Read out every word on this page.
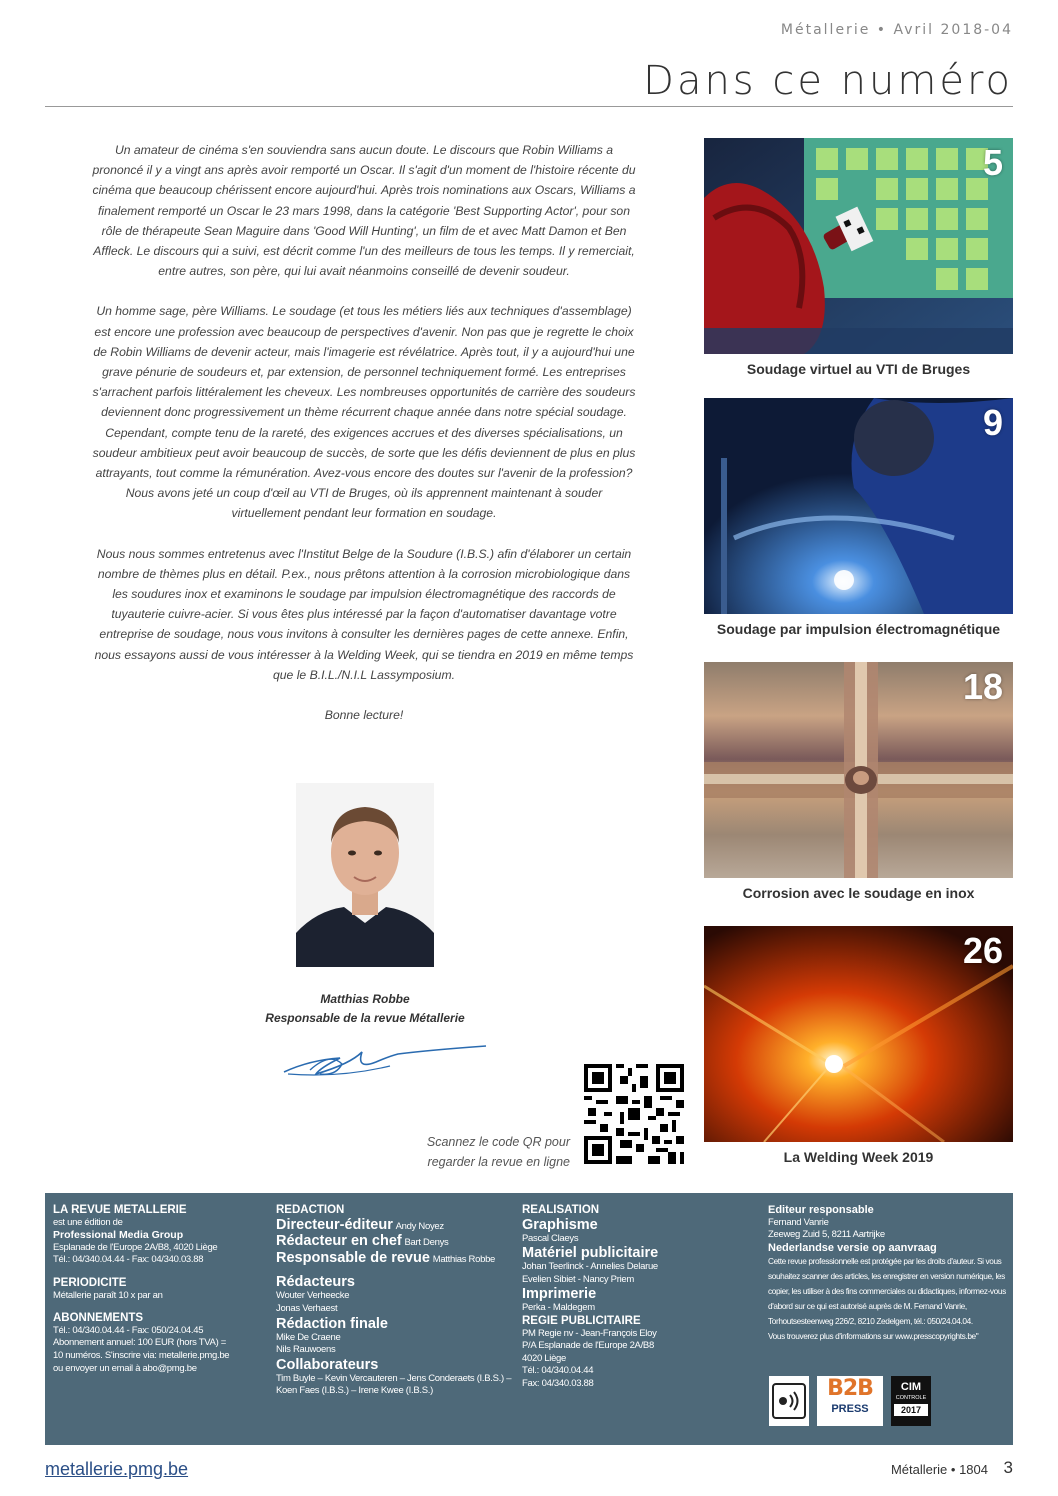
Métallerie • Avril 2018-04
Dans ce numéro

Un amateur de cinéma s'en souviendra sans aucun doute. Le discours que Robin Williams a prononcé il y a vingt ans après avoir remporté un Oscar. Il s'agit d'un moment de l'histoire récente du cinéma que beaucoup chérissent encore aujourd'hui. Après trois nominations aux Oscars, Williams a finalement remporté un Oscar le 23 mars 1998, dans la catégorie 'Best Supporting Actor', pour son rôle de thérapeute Sean Maguire dans 'Good Will Hunting', un film de et avec Matt Damon et Ben Affleck. Le discours qui a suivi, est décrit comme l'un des meilleurs de tous les temps. Il y remerciait, entre autres, son père, qui lui avait néanmoins conseillé de devenir soudeur.

Un homme sage, père Williams. Le soudage (et tous les métiers liés aux techniques d'assemblage) est encore une profession avec beaucoup de perspectives d'avenir. Non pas que je regrette le choix de Robin Williams de devenir acteur, mais l'imagerie est révélatrice. Après tout, il y a aujourd'hui une grave pénurie de soudeurs et, par extension, de personnel techniquement formé. Les entreprises s'arrachent parfois littéralement les cheveux. Les nombreuses opportunités de carrière des soudeurs deviennent donc progressivement un thème récurrent chaque année dans notre spécial soudage. Cependant, compte tenu de la rareté, des exigences accrues et des diverses spécialisations, un soudeur ambitieux peut avoir beaucoup de succès, de sorte que les défis deviennent de plus en plus attrayants, tout comme la rémunération. Avez-vous encore des doutes sur l'avenir de la profession? Nous avons jeté un coup d'œil au VTI de Bruges, où ils apprennent maintenant à souder virtuellement pendant leur formation en soudage.

Nous nous sommes entretenus avec l'Institut Belge de la Soudure (I.B.S.) afin d'élaborer un certain nombre de thèmes plus en détail. P.ex., nous prêtons attention à la corrosion microbiologique dans les soudures inox et examinons le soudage par impulsion électromagnétique des raccords de tuyauterie cuivre-acier. Si vous êtes plus intéressé par la façon d'automatiser davantage votre entreprise de soudage, nous vous invitons à consulter les dernières pages de cette annexe. Enfin, nous essayons aussi de vous intéresser à la Welding Week, qui se tiendra en 2019 en même temps que le B.I.L./N.I.L Lassymposium.

Bonne lecture!

Matthias Robbe
Responsable de la revue Métallerie
Scannez le code QR pour
regarder la revue en ligne
5
Soudage virtuel au VTI de Bruges
9
Soudage par impulsion électromagnétique
18
Corrosion avec le soudage en inox
26
La Welding Week 2019
LA REVUE METALLERIE
est une édition de
Professional Media Group
Esplanade de l'Europe 2A/B8, 4020 Liège
Tél.: 04/340.04.44 - Fax: 04/340.03.88
PERIODICITE
Métallerie paraît 10 x par an
ABONNEMENTS
Tél.: 04/340.04.44 - Fax: 050/24.04.45
Abonnement annuel: 100 EUR (hors TVA) =
10 numéros. S'inscrire via: metallerie.pmg.be
ou envoyer un email à abo@pmg.be
REDACTION
Directeur-éditeur Andy Noyez
Rédacteur en chef Bart Denys
Responsable de revue Matthias Robbe
Rédacteurs
Wouter Verheecke
Jonas Verhaest
Rédaction finale
Mike De Craene
Nils Rauwoens
Collaborateurs
Tim Buyle – Kevin Vercauteren – Jens Conderaets (I.B.S.) –
Koen Faes (I.B.S.) – Irene Kwee (I.B.S.)
REALISATION
Graphisme
Pascal Claeys
Matériel publicitaire
Johan Teerlinck - Annelies Delarue
Evelien Sibiet - Nancy Priem
Imprimerie
Perka - Maldegem
REGIE PUBLICITAIRE
PM Regie nv - Jean-François Eloy
P/A Esplanade de l'Europe 2A/B8
4020 Liège
Tél.: 04/340.04.44
Fax: 04/340.03.88
Editeur responsable
Fernand Vanrie
Zeeweg Zuid 5, 8211 Aartrijke
Nederlandse versie op aanvraag
Cette revue professionnelle est protégée par les droits d'auteur. Si vous
souhaitez scanner des articles, les enregistrer en version numérique, les
copier, les utiliser à des fins commerciales ou didactiques, informez-vous
d'abord sur ce qui est autorisé auprès de M. Fernand Vanrie,
Torhoutsesteenweg 226/2, 8210 Zedelgem, tél.: 050/24.04.04.
Vous trouverez plus d'informations sur www.presscopyrights.be"
B2B
PRESS
CIM
CONTROLE
2017
metallerie.pmg.be	Métallerie • 1804 3
